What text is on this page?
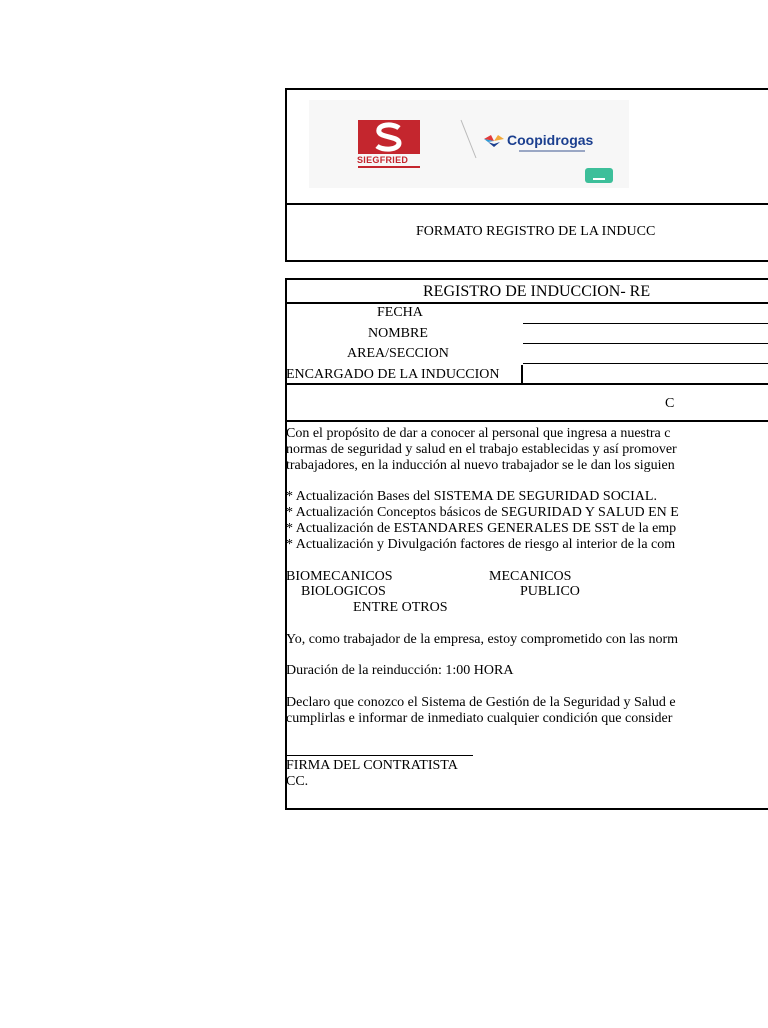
SIEGFRIED
Coopidrogas
FORMATO REGISTRO DE LA INDUCC
REGISTRO DE INDUCCION- RE
FECHA
NOMBRE
AREA/SECCION
ENCARGADO DE LA INDUCCION
C
Con el propósito de dar a conocer al personal que ingresa a nuestra c
normas de seguridad y salud en el trabajo establecidas y así promover
trabajadores, en la inducción al nuevo trabajador se le dan los siguien
* Actualización Bases del SISTEMA DE SEGURIDAD SOCIAL.
* Actualización Conceptos básicos de SEGURIDAD Y SALUD EN E
* Actualización de ESTANDARES GENERALES DE SST de la emp
* Actualización y Divulgación factores de riesgo al interior de la com
BIOMECANICOS	MECANICOS
BIOLOGICOS	PUBLICO
ENTRE OTROS
Yo, como trabajador de la empresa, estoy comprometido con las norm
Duración de la reinducción: 1:00 HORA
Declaro que conozco el Sistema de Gestión de la Seguridad y Salud e
cumplirlas e informar de inmediato cualquier condición que consider
FIRMA DEL CONTRATISTA
CC.
